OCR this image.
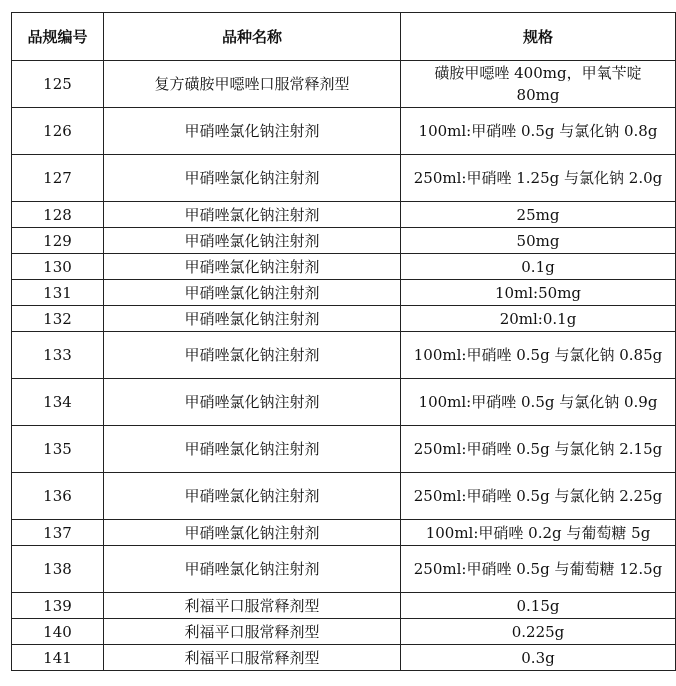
品规编号	品种名称	规格
125	复方磺胺甲噁唑口服常释剂型	磺胺甲噁唑 400mg，甲氧苄啶 80mg
126	甲硝唑氯化钠注射剂	100ml:甲硝唑 0.5g 与氯化钠 0.8g
127	甲硝唑氯化钠注射剂	250ml:甲硝唑 1.25g 与氯化钠 2.0g
128	甲硝唑氯化钠注射剂	25mg
129	甲硝唑氯化钠注射剂	50mg
130	甲硝唑氯化钠注射剂	0.1g
131	甲硝唑氯化钠注射剂	10ml:50mg
132	甲硝唑氯化钠注射剂	20ml:0.1g
133	甲硝唑氯化钠注射剂	100ml:甲硝唑 0.5g 与氯化钠 0.85g
134	甲硝唑氯化钠注射剂	100ml:甲硝唑 0.5g 与氯化钠 0.9g
135	甲硝唑氯化钠注射剂	250ml:甲硝唑 0.5g 与氯化钠 2.15g
136	甲硝唑氯化钠注射剂	250ml:甲硝唑 0.5g 与氯化钠 2.25g
137	甲硝唑氯化钠注射剂	100ml:甲硝唑 0.2g 与葡萄糖 5g
138	甲硝唑氯化钠注射剂	250ml:甲硝唑 0.5g 与葡萄糖 12.5g
139	利福平口服常释剂型	0.15g
140	利福平口服常释剂型	0.225g
141	利福平口服常释剂型	0.3g
